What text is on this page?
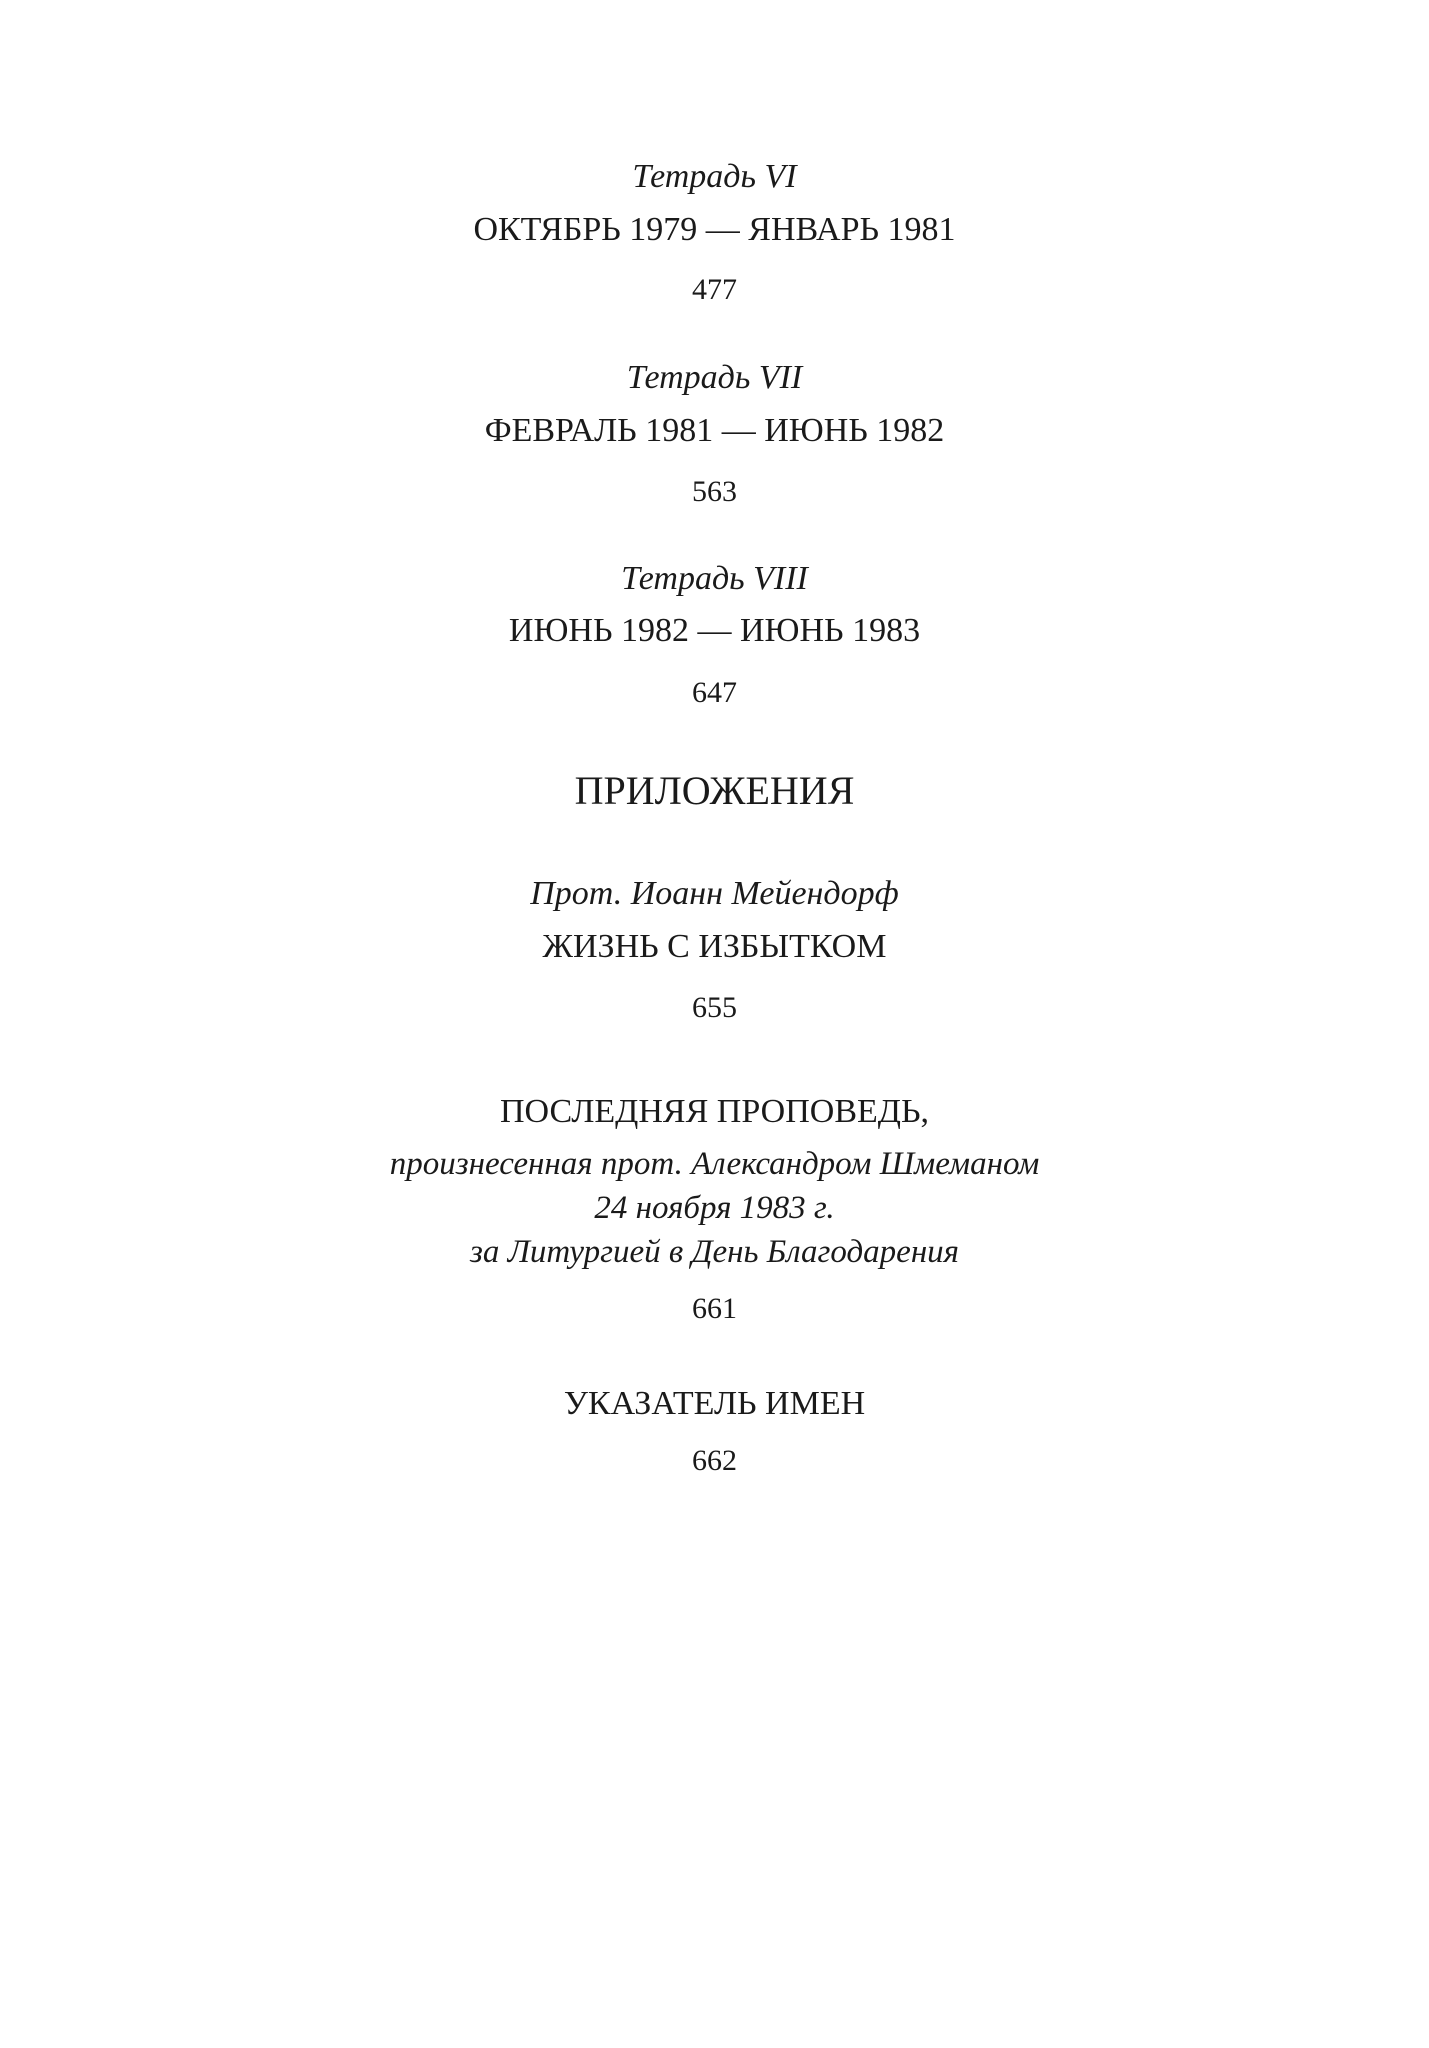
Тетрадь VI
ОКТЯБРЬ 1979 — ЯНВАРЬ 1981
477
Тетрадь VII
ФЕВРАЛЬ 1981 — ИЮНЬ 1982
563
Тетрадь VIII
ИЮНЬ 1982 — ИЮНЬ 1983
647
ПРИЛОЖЕНИЯ
Прот. Иоанн Мейендорф
ЖИЗНЬ С ИЗБЫТКОМ
655
ПОСЛЕДНЯЯ ПРОПОВЕДЬ,
произнесенная прот. Александром Шмеманом
24 ноября 1983 г.
за Литургией в День Благодарения
661
УКАЗАТЕЛЬ ИМЕН
662
